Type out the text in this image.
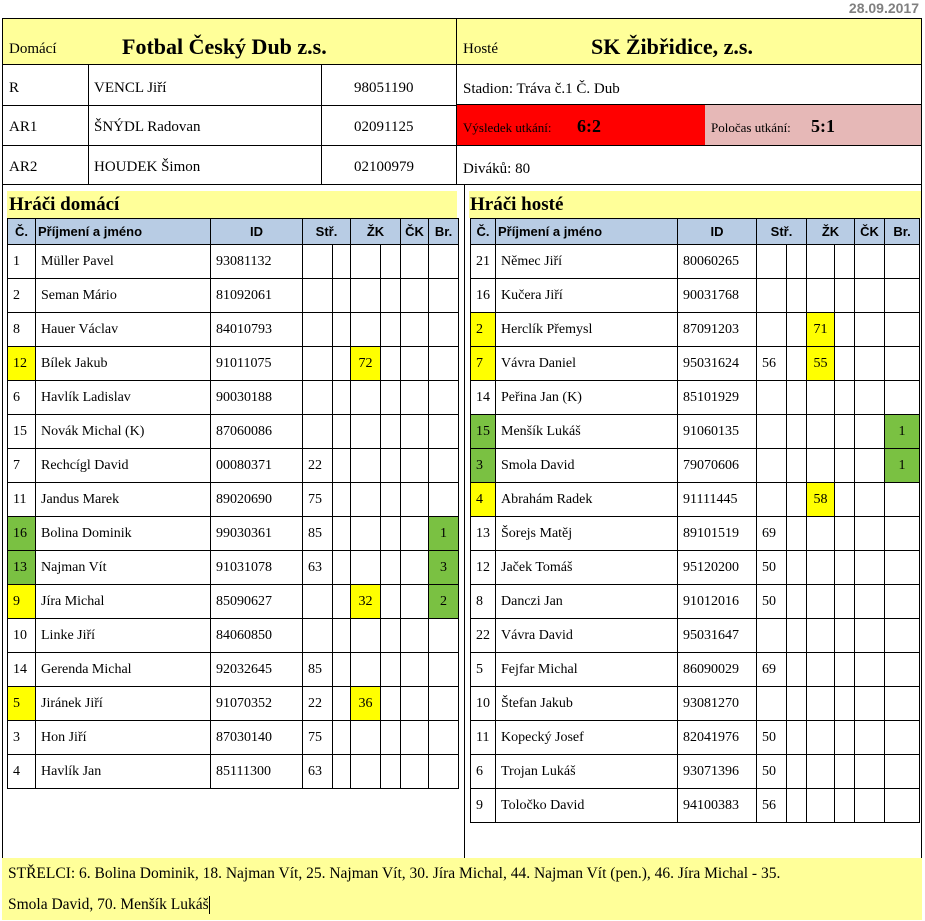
28.09.2017
Domácí	Fotbal Český Dub z.s.	Hosté	SK Žibřidice, z.s.
R	VENCL Jiří	98051190
AR1	ŠNÝDL Radovan	02091125
AR2	HOUDEK Šimon	02100979
Stadion: Tráva č.1 Č. Dub
Výsledek utkání: 6:2	Poločas utkání: 5:1
Diváků: 80
Hráči domácí	Hráči hosté
Č.	Příjmení a jméno	ID	Stř.		ŽK		ČK	Br.
1	Müller Pavel	93081132						
2	Seman Mário	81092061						
8	Hauer Václav	84010793						
12	Bílek Jakub	91011075			72			
6	Havlík Ladislav	90030188						
15	Novák Michal (K)	87060086						
7	Rechcígl David	00080371	22					
11	Jandus Marek	89020690	75					
16	Bolina Dominik	99030361	85					1
13	Najman Vít	91031078	63					3
9	Jíra Michal	85090627			32			2
10	Linke Jiří	84060850						
14	Gerenda Michal	92032645	85					
5	Jiránek Jiří	91070352	22		36			
3	Hon Jiří	87030140	75					
4	Havlík Jan	85111300	63					
Č.	Příjmení a jméno	ID	Stř.		ŽK		ČK	Br.
21	Němec Jiří	80060265						
16	Kučera Jiří	90031768						
2	Herclík Přemysl	87091203			71			
7	Vávra Daniel	95031624	56		55			
14	Peřina Jan (K)	85101929						
15	Menšík Lukáš	91060135						1
3	Smola David	79070606						1
4	Abrahám Radek	91111445			58			
13	Šorejs Matěj	89101519	69					
12	Jaček Tomáš	95120200	50					
8	Danczi Jan	91012016	50					
22	Vávra David	95031647						
5	Fejfar Michal	86090029	69					
10	Štefan Jakub	93081270						
11	Kopecký Josef	82041976	50					
6	Trojan Lukáš	93071396	50					
9	Toločko David	94100383	56					
STŘELCI: 6. Bolina Dominik, 18. Najman Vít, 25. Najman Vít, 30. Jíra Michal, 44. Najman Vít (pen.), 46. Jíra Michal - 35.
Smola David, 70. Menšík Lukáš
